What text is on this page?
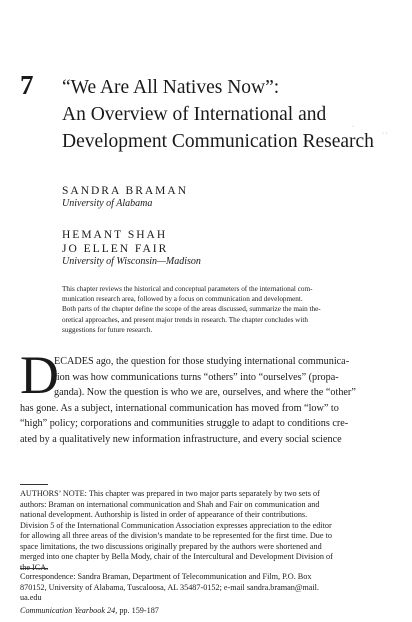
7 “We Are All Natives Now”:
An Overview of International and
Development Communication Research
·
· ·
SANDRA BRAMAN
University of Alabama
HEMANT SHAH
JO ELLEN FAIR
University of Wisconsin—Madison
This chapter reviews the historical and conceptual parameters of the international com-
munication research area, followed by a focus on communication and development.
Both parts of the chapter define the scope of the areas discussed, summarize the main the-
oretical approaches, and present major trends in research. The chapter concludes with
suggestions for future research.
D
ECADES ago, the question for those studying international communica-
tion was how communications turns “others” into “ourselves” (propa-
ganda). Now the question is who we are, ourselves, and where the “other”
has gone. As a subject, international communication has moved from “low” to
“high” policy; corporations and communities struggle to adapt to conditions cre-
ated by a qualitatively new information infrastructure, and every social science
AUTHORS’ NOTE: This chapter was prepared in two major parts separately by two sets of
authors: Braman on international communication and Shah and Fair on communication and
national development. Authorship is listed in order of appearance of their contributions.
Division 5 of the International Communication Association expresses appreciation to the editor
for allowing all three areas of the division’s mandate to be represented for the first time. Due to
space limitations, the two discussions originally prepared by the authors were shortened and
merged into one chapter by Bella Mody, chair of the Intercultural and Development Division of
the ICA.
Correspondence: Sandra Braman, Department of Telecommunication and Film, P.O. Box
870152, University of Alabama, Tuscaloosa, AL 35487-0152; e-mail sandra.braman@mail.
ua.edu
Communication Yearbook 24, pp. 159-187
